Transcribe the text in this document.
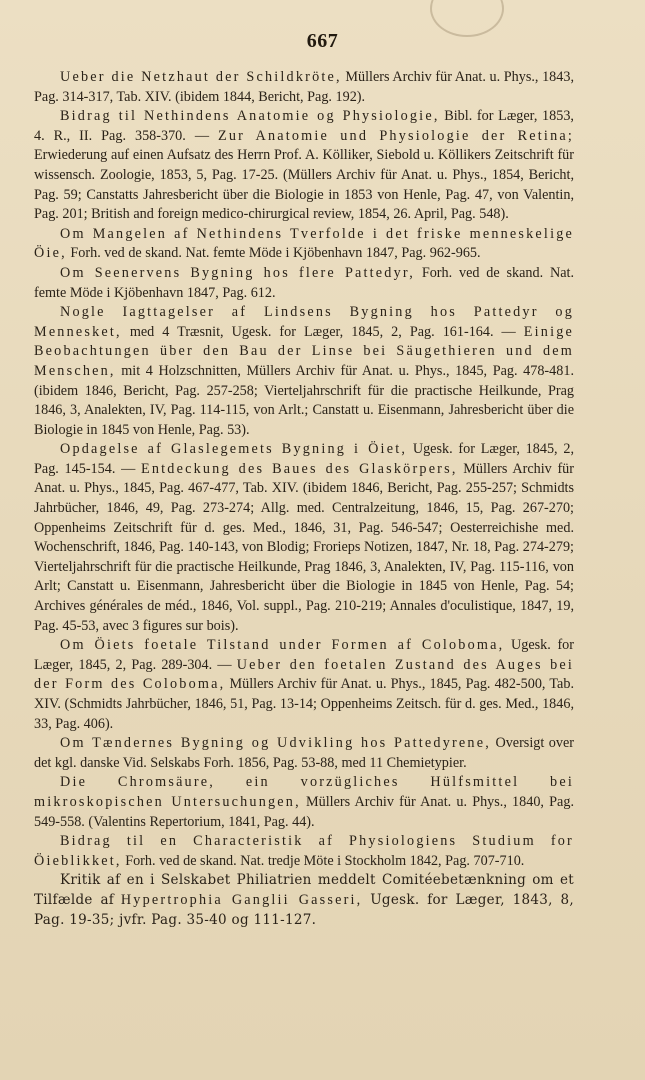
667

Ueber die Netzhaut der Schildkröte, Müllers Archiv für Anat. u. Phys., 1843, Pag. 314-317, Tab. XIV. (ibidem 1844, Bericht, Pag. 192).

Bidrag til Nethindens Anatomie og Physiologie, Bibl. for Læger, 1853, 4. R., II. Pag. 358-370. — Zur Anatomie und Physiologie der Retina; Erwiederung auf einen Aufsatz des Herrn Prof. A. Kölliker, Siebold u. Köllikers Zeitschrift für wissensch. Zoologie, 1853, 5, Pag. 17-25. (Müllers Archiv für Anat. u. Phys., 1854, Bericht, Pag. 59; Canstatts Jahresbericht über die Biologie in 1853 von Henle, Pag. 47, von Valentin, Pag. 201; British and foreign medico-chirurgical review, 1854, 26. April, Pag. 548).

Om Mangelen af Nethindens Tverfolde i det friske menneskelige Öie, Forh. ved de skand. Nat. femte Möde i Kjöbenhavn 1847, Pag. 962-965.

Om Seenervens Bygning hos flere Pattedyr, Forh. ved de skand. Nat. femte Möde i Kjöbenhavn 1847, Pag. 612.

Nogle Iagttagelser af Lindsens Bygning hos Pattedyr og Mennesket, med 4 Træsnit, Ugesk. for Læger, 1845, 2, Pag. 161-164. — Einige Beobachtungen über den Bau der Linse bei Säugethieren und dem Menschen, mit 4 Holzschnitten, Müllers Archiv für Anat. u. Phys., 1845, Pag. 478-481. (ibidem 1846, Bericht, Pag. 257-258; Vierteljahrschrift für die practische Heilkunde, Prag 1846, 3, Analekten, IV, Pag. 114-115, von Arlt.; Canstatt u. Eisenmann, Jahresbericht über die Biologie in 1845 von Henle, Pag. 53).

Opdagelse af Glaslegemets Bygning i Öiet, Ugesk. for Læger, 1845, 2, Pag. 145-154. — Entdeckung des Baues des Glaskörpers, Müllers Archiv für Anat. u. Phys., 1845, Pag. 467-477, Tab. XIV. (ibidem 1846, Bericht, Pag. 255-257; Schmidts Jahrbücher, 1846, 49, Pag. 273-274; Allg. med. Centralzeitung, 1846, 15, Pag. 267-270; Oppenheims Zeitschrift für d. ges. Med., 1846, 31, Pag. 546-547; Oesterreichishe med. Wochenschrift, 1846, Pag. 140-143, von Blodig; Frorieps Notizen, 1847, Nr. 18, Pag. 274-279; Vierteljahrschrift für die practische Heilkunde, Prag 1846, 3, Analekten, IV, Pag. 115-116, von Arlt; Canstatt u. Eisenmann, Jahresbericht über die Biologie in 1845 von Henle, Pag. 54; Archives générales de méd., 1846, Vol. suppl., Pag. 210-219; Annales d'oculistique, 1847, 19, Pag. 45-53, avec 3 figures sur bois).

Om Öiets foetale Tilstand under Formen af Coloboma, Ugesk. for Læger, 1845, 2, Pag. 289-304. — Ueber den foetalen Zustand des Auges bei der Form des Coloboma, Müllers Archiv für Anat. u. Phys., 1845, Pag. 482-500, Tab. XIV. (Schmidts Jahrbücher, 1846, 51, Pag. 13-14; Oppenheims Zeitsch. für d. ges. Med., 1846, 33, Pag. 406).

Om Tændernes Bygning og Udvikling hos Pattedyrene, Oversigt over det kgl. danske Vid. Selskabs Forh. 1856, Pag. 53-88, med 11 Chemietypier.

Die Chromsäure, ein vorzügliches Hülfsmittel bei mikroskopischen Untersuchungen, Müllers Archiv für Anat. u. Phys., 1840, Pag. 549-558. (Valentins Repertorium, 1841, Pag. 44).

Bidrag til en Characteristik af Physiologiens Studium for Öieblikket, Forh. ved de skand. Nat. tredje Möte i Stockholm 1842, Pag. 707-710.

Kritik af en i Selskabet Philiatrien meddelt Comitéebetænkning om et Tilfælde af Hypertrophia Ganglii Gasseri, Ugesk. for Læger, 1843, 8, Pag. 19-35; jvfr. Pag. 35-40 og 111-127.
